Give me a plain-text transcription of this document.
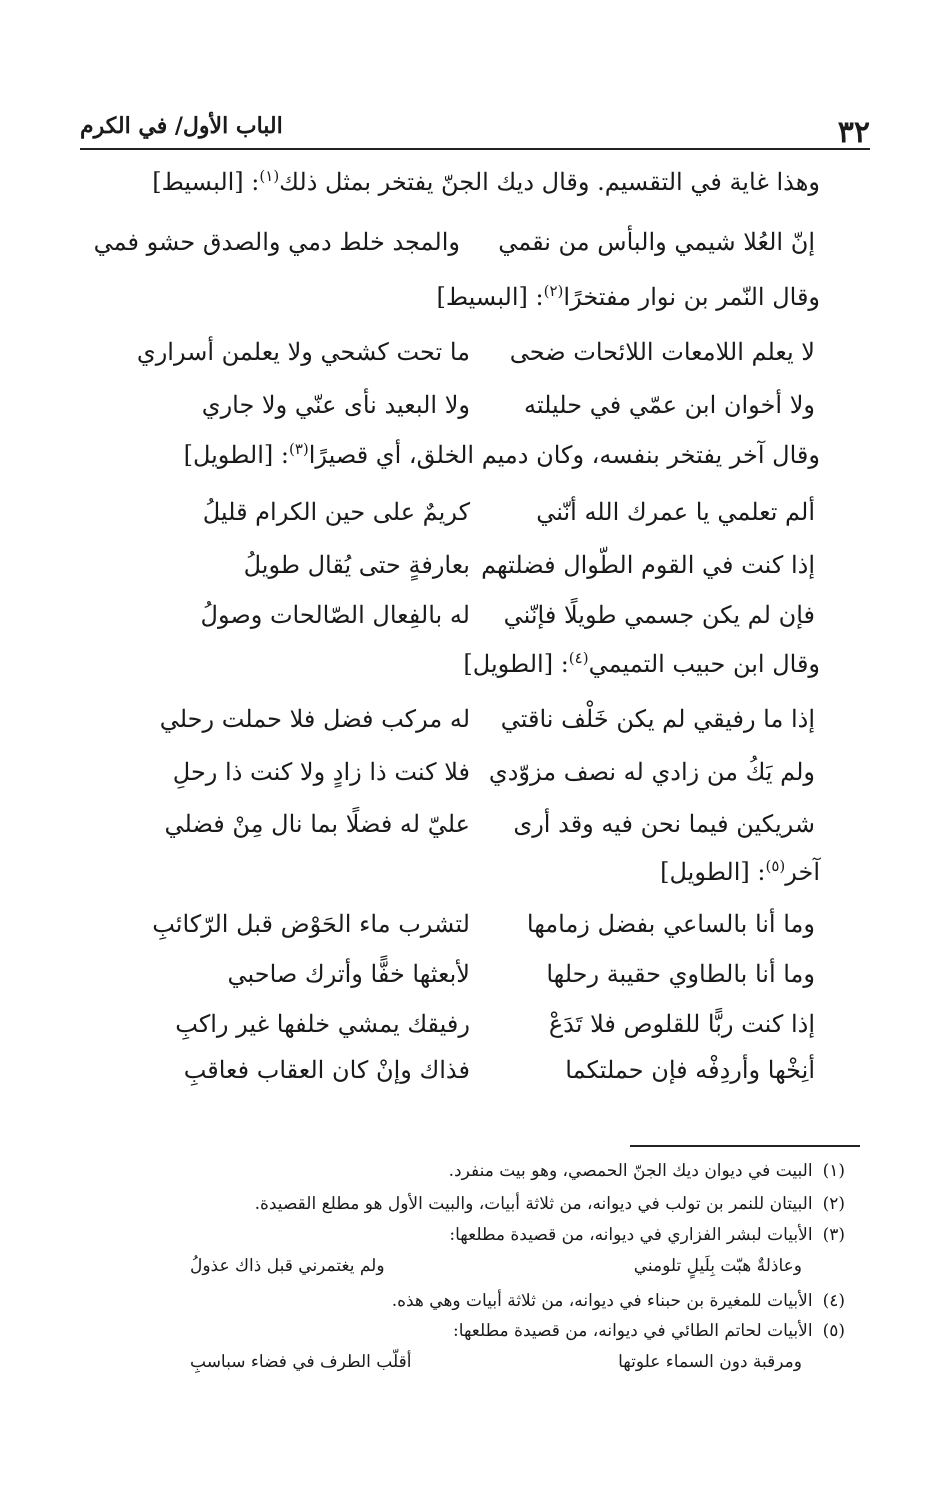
٣٢
الباب الأول/ في الكرم
وهذا غاية في التقسيم. وقال ديك الجنّ يفتخر بمثل ذلك$^{(١)}$: [البسيط]
إنّ العُلا شيمي والبأس من نقمي
والمجد خلط دمي والصدق حشو فمي
وقال النّمر بن نوار مفتخرًا$^{(٢)}$: [البسيط]
لا يعلم اللامعات اللائحات ضحى
ما تحت كشحي ولا يعلمن أسراري
ولا أخوان ابن عمّي في حليلته
ولا البعيد نأى عنّي ولا جاري
وقال آخر يفتخر بنفسه، وكان دميم الخلق، أي قصيرًا$^{(٣)}$: [الطويل]
ألم تعلمي يا عمرك الله أنّني
كريمٌ على حين الكرام قليلُ
إذا كنت في القوم الطّوال فضلتهم
بعارفةٍ حتى يُقال طويلُ
فإن لم يكن جسمي طويلًا فإنّني
له بالفِعال الصّالحات وصولُ
وقال ابن حبيب التميمي$^{(٤)}$: [الطويل]
إذا ما رفيقي لم يكن خَلْف ناقتي
له مركب فضل فلا حملت رحلي
ولم يَكُ من زادي له نصف مزوّدي
فلا كنت ذا زادٍ ولا كنت ذا رحلِ
شريكين فيما نحن فيه وقد أرى
عليّ له فضلًا بما نال مِنْ فضلي
آخر$^{(٥)}$: [الطويل]
وما أنا بالساعي بفضل زمامها
لتشرب ماء الحَوْض قبل الرّكائبِ
وما أنا بالطاوي حقيبة رحلها
لأبعثها خفًّا وأترك صاحبي
إذا كنت ربًّا للقلوص فلا تَدَعْ
رفيقك يمشي خلفها غير راكبِ
أنِخْها وأردِفْه فإن حملتكما
فذاك وإنْ كان العقاب فعاقبِ
(١)البيت في ديوان ديك الجنّ الحمصي، وهو بيت منفرد.
(٢)البيتان للنمر بن تولب في ديوانه، من ثلاثة أبيات، والبيت الأول هو مطلع القصيدة.
(٣)الأبيات لبشر الفزاري في ديوانه، من قصيدة مطلعها:
وعاذلةٌ هبّت بِلَيلٍ تلومني
ولم يغتمرني قبل ذاك عذولُ
(٤)الأبيات للمغيرة بن حبناء في ديوانه، من ثلاثة أبيات وهي هذه.
(٥)الأبيات لحاتم الطائي في ديوانه، من قصيدة مطلعها:
ومرقبة دون السماء علوتها
أقلّب الطرف في فضاء سباسبِ
